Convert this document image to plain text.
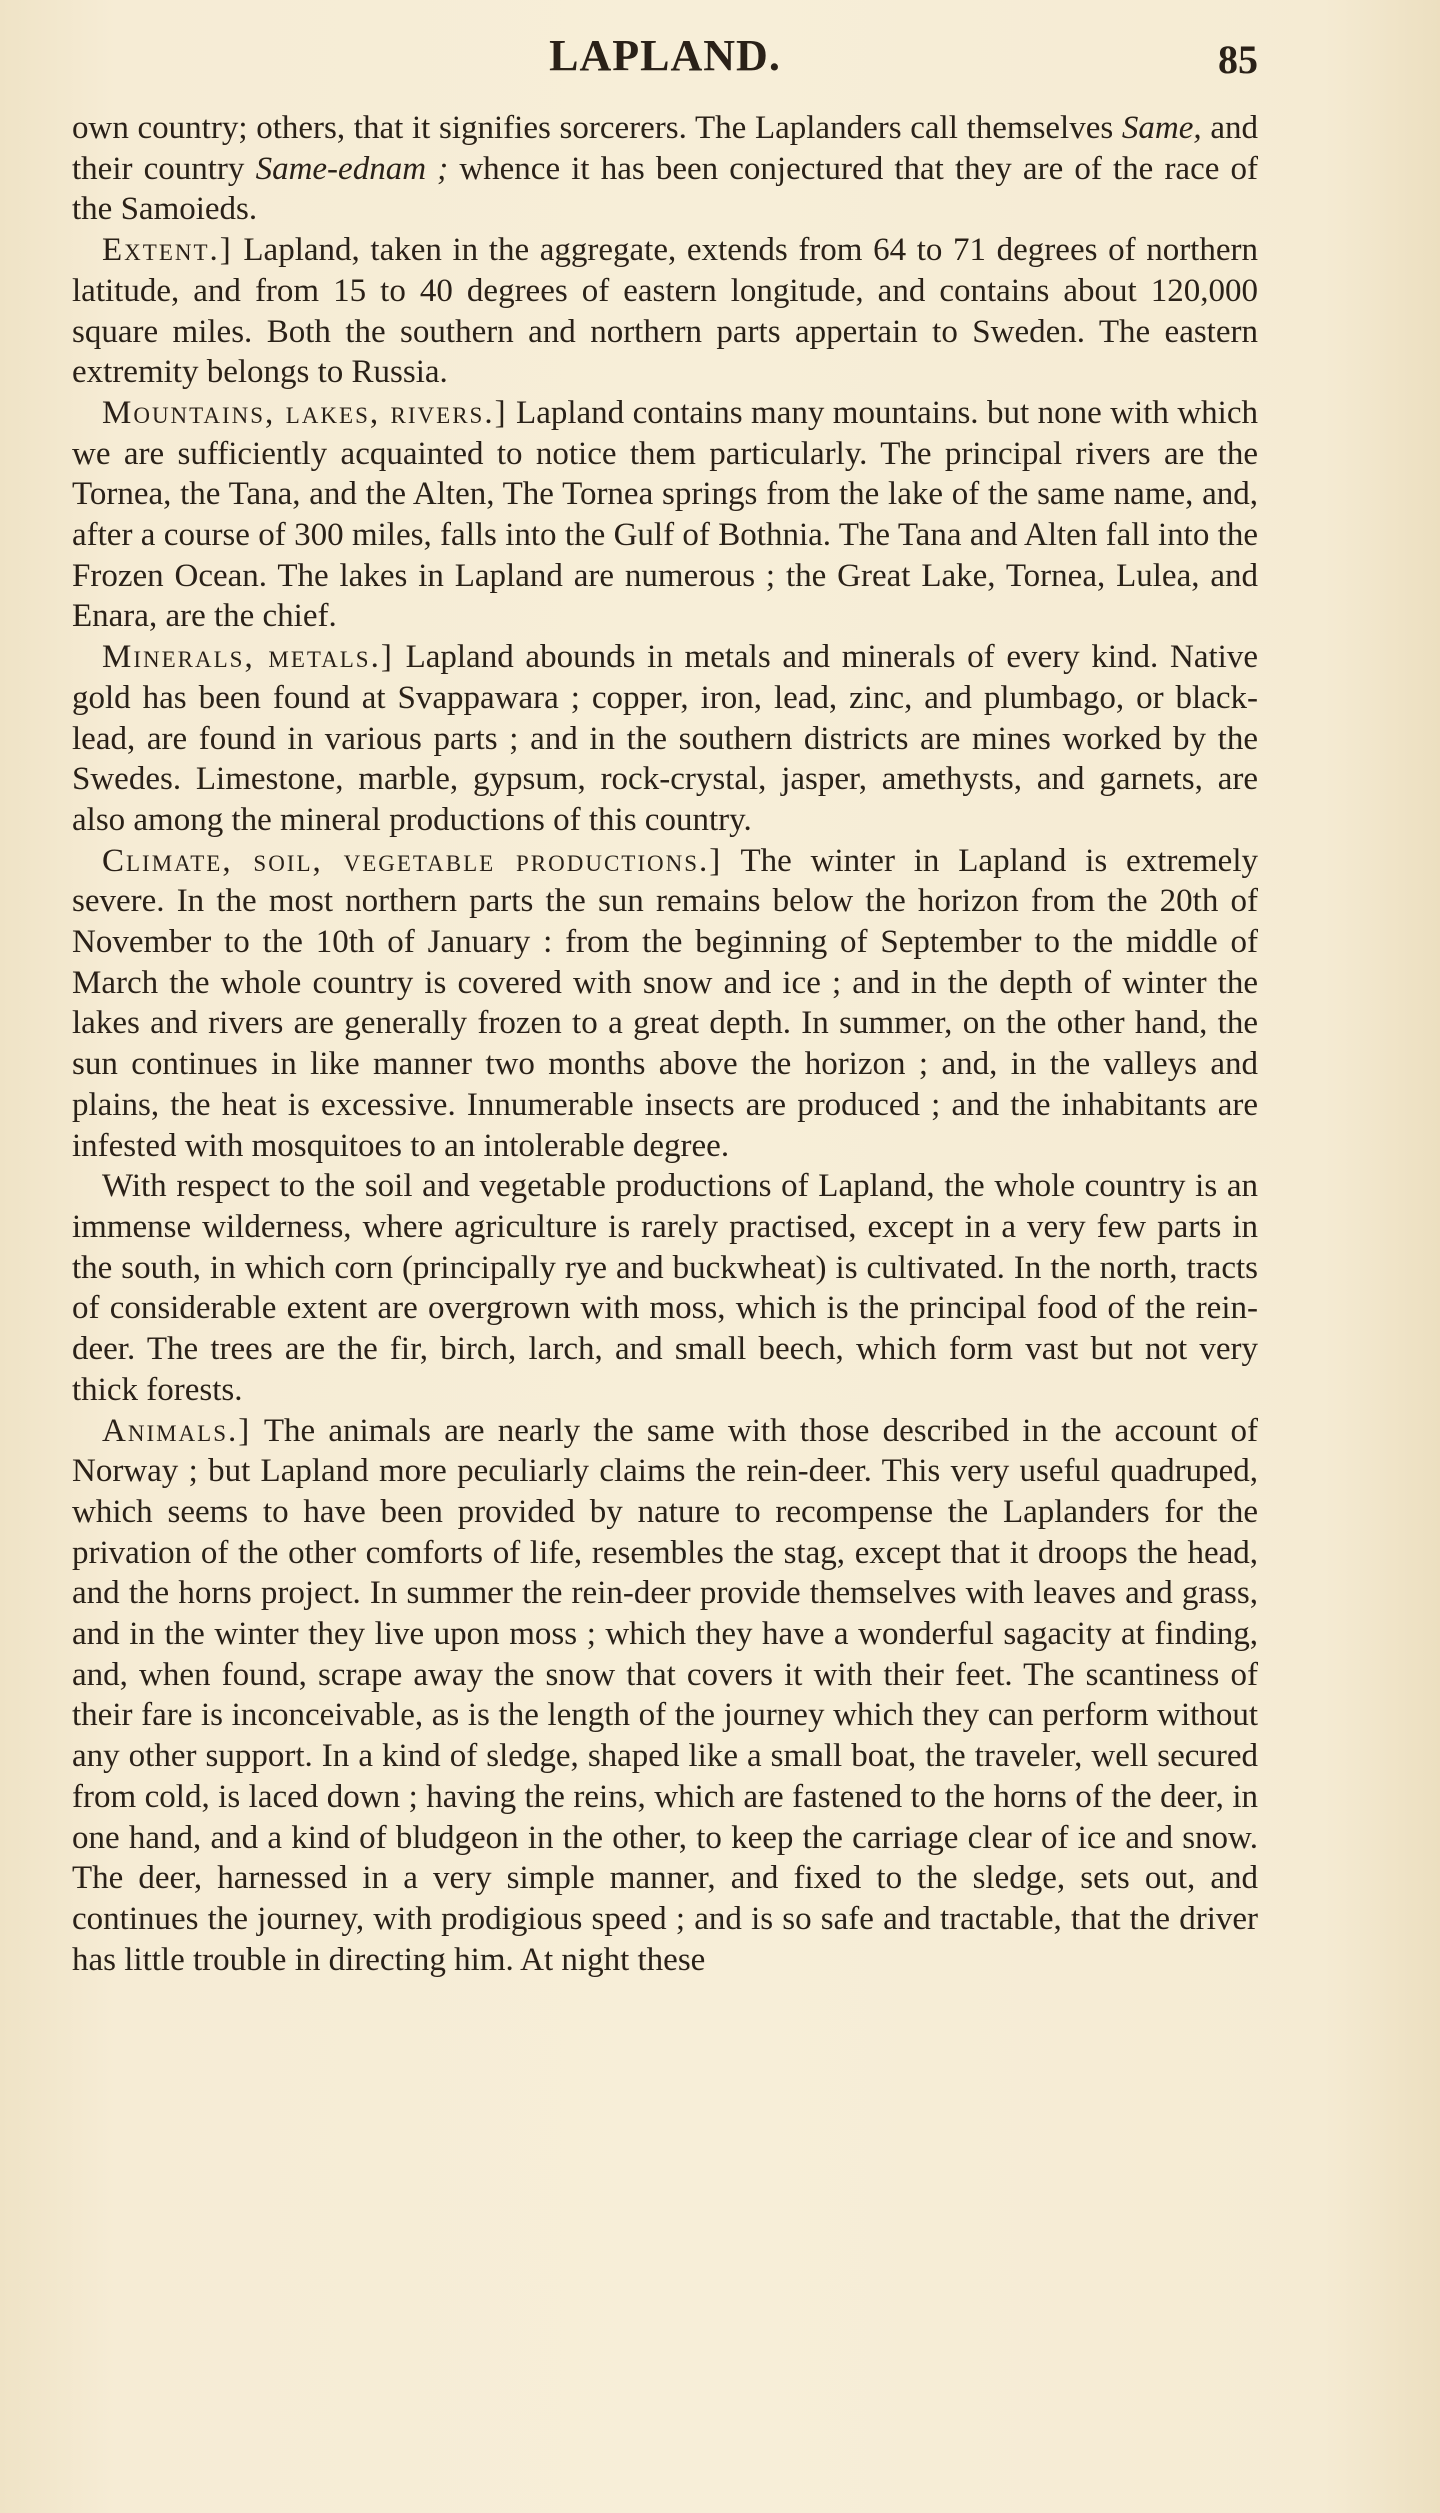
LAPLAND.	85

own country; others, that it signifies sorcerers. The Laplanders call themselves Same, and their country Same-ednam ; whence it has been conjectured that they are of the race of the Samoieds.

Extent.] Lapland, taken in the aggregate, extends from 64 to 71 degrees of northern latitude, and from 15 to 40 degrees of eastern longitude, and contains about 120,000 square miles. Both the southern and northern parts appertain to Sweden. The eastern extremity belongs to Russia.

Mountains, lakes, rivers.] Lapland contains many mountains. but none with which we are sufficiently acquainted to notice them particularly. The principal rivers are the Tornea, the Tana, and the Alten, The Tornea springs from the lake of the same name, and, after a course of 300 miles, falls into the Gulf of Bothnia. The Tana and Alten fall into the Frozen Ocean. The lakes in Lapland are numerous ; the Great Lake, Tornea, Lulea, and Enara, are the chief.

Minerals, metals.] Lapland abounds in metals and minerals of every kind. Native gold has been found at Svappawara ; copper, iron, lead, zinc, and plumbago, or black-lead, are found in various parts ; and in the southern districts are mines worked by the Swedes. Limestone, marble, gypsum, rock-crystal, jasper, amethysts, and garnets, are also among the mineral productions of this country.

Climate, soil, vegetable productions.] The winter in Lapland is extremely severe. In the most northern parts the sun remains below the horizon from the 20th of November to the 10th of January : from the beginning of September to the middle of March the whole country is covered with snow and ice ; and in the depth of winter the lakes and rivers are generally frozen to a great depth. In summer, on the other hand, the sun continues in like manner two months above the horizon ; and, in the valleys and plains, the heat is excessive. Innumerable insects are produced ; and the inhabitants are infested with mosquitoes to an intolerable degree.

With respect to the soil and vegetable productions of Lapland, the whole country is an immense wilderness, where agriculture is rarely practised, except in a very few parts in the south, in which corn (principally rye and buckwheat) is cultivated. In the north, tracts of considerable extent are overgrown with moss, which is the principal food of the rein-deer. The trees are the fir, birch, larch, and small beech, which form vast but not very thick forests.

Animals.] The animals are nearly the same with those described in the account of Norway ; but Lapland more peculiarly claims the rein-deer. This very useful quadruped, which seems to have been provided by nature to recompense the Laplanders for the privation of the other comforts of life, resembles the stag, except that it droops the head, and the horns project. In summer the rein-deer provide themselves with leaves and grass, and in the winter they live upon moss ; which they have a wonderful sagacity at finding, and, when found, scrape away the snow that covers it with their feet. The scantiness of their fare is inconceivable, as is the length of the journey which they can perform without any other support. In a kind of sledge, shaped like a small boat, the traveler, well secured from cold, is laced down ; having the reins, which are fastened to the horns of the deer, in one hand, and a kind of bludgeon in the other, to keep the carriage clear of ice and snow. The deer, harnessed in a very simple manner, and fixed to the sledge, sets out, and continues the journey, with prodigious speed ; and is so safe and tractable, that the driver has little trouble in directing him. At night these
